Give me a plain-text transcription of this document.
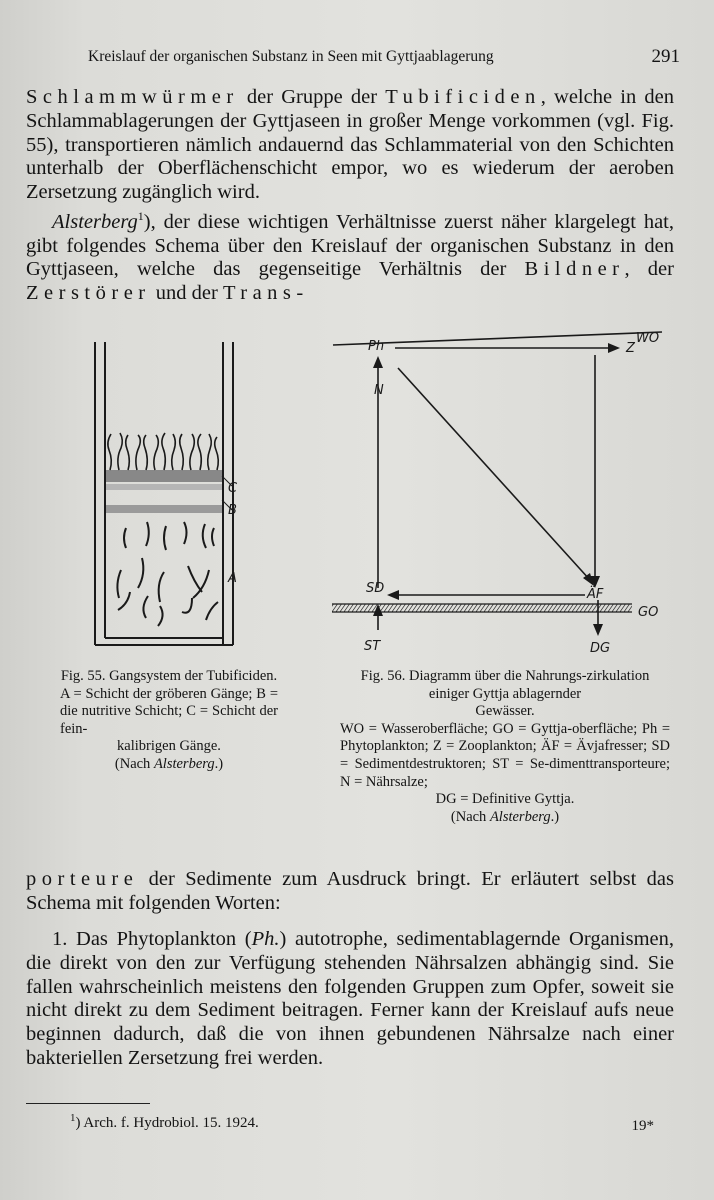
Kreislauf der organischen Substanz in Seen mit Gyttjaablagerung	291

Schlammwürmer der Gruppe der Tubificiden, welche in den Schlammablagerungen der Gyttjaseen in großer Menge vorkommen (vgl. Fig. 55), transportieren nämlich andauernd das Schlammaterial von den Schichten unterhalb der Oberflächenschicht empor, wo es wiederum der aeroben Zersetzung zugänglich wird.

Alsterberg$^1$), der diese wichtigen Verhältnisse zuerst näher klargelegt hat, gibt folgendes Schema über den Kreislauf der organischen Substanz in den Gyttjaseen, welche das gegenseitige Verhältnis der Bildner, der Zerstörer und der Trans-

C
B
A
Ph	Z
WO
N
SD	ÄF
GO
ST	DG
Fig. 55. Gangsystem der Tubificiden.
A = Schicht der gröberen Gänge; B = die nutritive Schicht; C = Schicht der fein-
kalibrigen Gänge.
(Nach Alsterberg.)
Fig. 56. Diagramm über die Nahrungs-zirkulation einiger Gyttja ablagernder
Gewässer.
WO = Wasseroberfläche; GO = Gyttja-oberfläche; Ph = Phytoplankton; Z = Zooplankton; ÄF = Ävjafresser; SD = Sedimentdestruktoren; ST = Se-dimenttransporteure; N = Nährsalze;
DG = Definitive Gyttja.
(Nach Alsterberg.)

porteure der Sedimente zum Ausdruck bringt. Er erläutert selbst das Schema mit folgenden Worten:

1. Das Phytoplankton (Ph.) autotrophe, sedimentablagernde Organismen, die direkt von den zur Verfügung stehenden Nährsalzen abhängig sind. Sie fallen wahrscheinlich meistens den folgenden Gruppen zum Opfer, soweit sie nicht direkt zu dem Sediment beitragen. Ferner kann der Kreislauf aufs neue beginnen dadurch, daß die von ihnen gebundenen Nährsalze nach einer bakteriellen Zersetzung frei werden.

$^1$) Arch. f. Hydrobiol. 15. 1924.	19*
